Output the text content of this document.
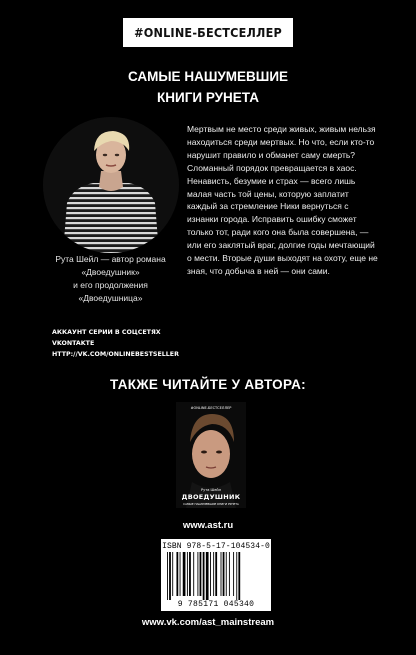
#ONLINE-БЕСТСЕЛЛЕР
САМЫЕ НАШУМЕВШИЕ
КНИГИ РУНЕТА
Рута Шейл — автор романа
«Двоедушник»
и его продолжения
«Двоедушница»
Мертвым не место среди живых, живым нельзя находиться среди мертвых. Но что, если кто-то нарушит правило и обманет саму смерть? Сломанный порядок превращается в хаос. Ненависть, безумие и страх — всего лишь малая часть той цены, которую заплатит каждый за стремление Ники вернуться с изнанки города. Исправить ошибку сможет только тот, ради кого она была совершена, — или его заклятый враг, долгие годы мечтающий о мести. Вторые души выходят на охоту, еще не зная, что добыча в ней — они сами.
АККАУНТ СЕРИИ В СОЦСЕТЯХ
VKONTAKTE
HTTP://VK.COM/ONLINEBESTSELLER
ТАКЖЕ ЧИТАЙТЕ У АВТОРА:
#ONLINE-БЕСТСЕЛЛЕР
Рута Шейл
ДВОЕДУШНИК
САМЫЕ НАШУМЕВШИЕ КНИГИ РУНЕТА
www.ast.ru
ISBN 978-5-17-104534-0
9 785171 045340
www.vk.com/ast_mainstream
